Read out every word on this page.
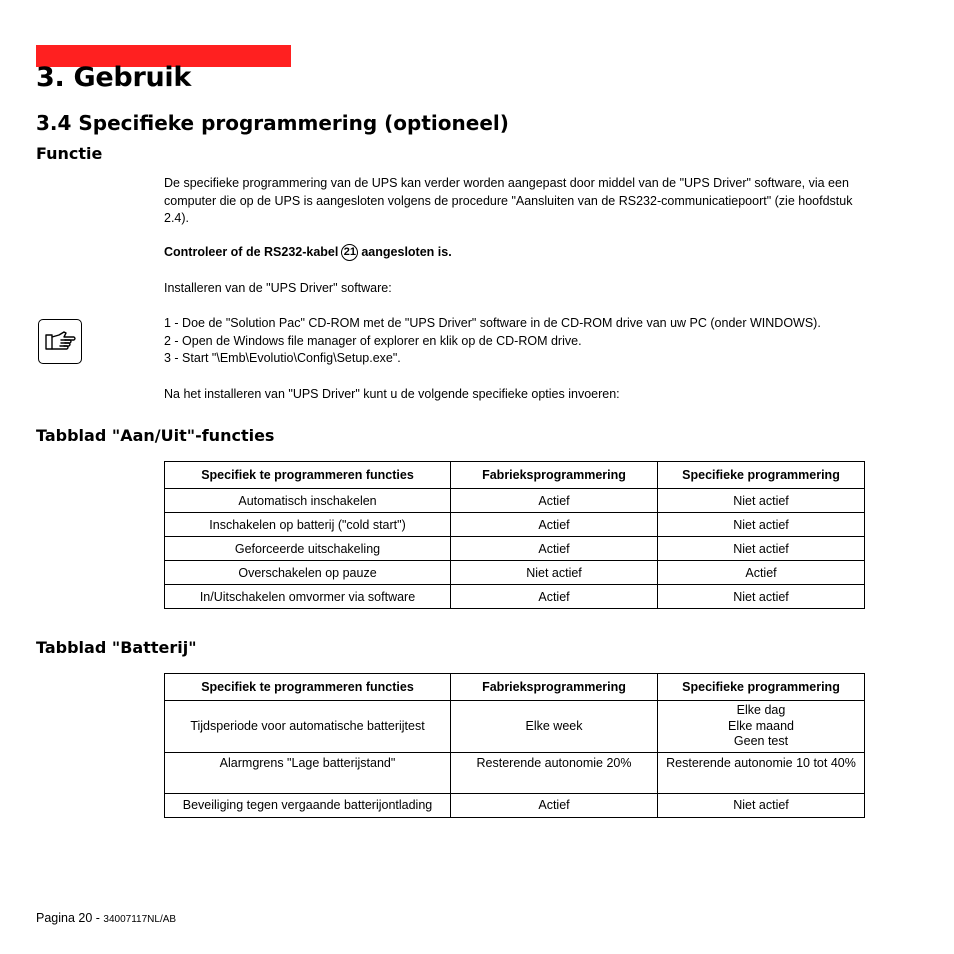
3. Gebruik
3.4 Specifieke programmering (optioneel)
Functie

De specifieke programmering van de UPS kan verder worden aangepast door middel van de "UPS Driver" software, via een computer die op de UPS is aangesloten volgens de procedure "Aansluiten van de RS232-communicatiepoort" (zie hoofdstuk 2.4).

Controleer of de RS232-kabel 21 aangesloten is.

Installeren van de "UPS Driver" software:

1 - Doe de "Solution Pac" CD-ROM met de "UPS Driver" software in de CD-ROM drive van uw PC (onder WINDOWS).
2 - Open de Windows file manager of explorer en klik op de CD-ROM drive.
3 - Start "\Emb\Evolutio\Config\Setup.exe".

Na het installeren van "UPS Driver" kunt u de volgende specifieke opties invoeren:

Tabblad "Aan/Uit"-functies
Specifiek te programmeren functies	Fabrieksprogrammering	Specifieke programmering
Automatisch inschakelen	Actief	Niet actief
Inschakelen op batterij ("cold start")	Actief	Niet actief
Geforceerde uitschakeling	Actief	Niet actief
Overschakelen op pauze	Niet actief	Actief
In/Uitschakelen omvormer via software	Actief	Niet actief
Tabblad "Batterij"
Specifiek te programmeren functies	Fabrieksprogrammering	Specifieke programmering
Tijdsperiode voor automatische batterijtest	Elke week	Elke dag
Elke maand
Geen test
Alarmgrens "Lage batterijstand"	Resterende autonomie 20%	Resterende autonomie 10 tot 40%
Beveiliging tegen vergaande batterijontlading	Actief	Niet actief
Pagina 20 - 34007117NL/AB
